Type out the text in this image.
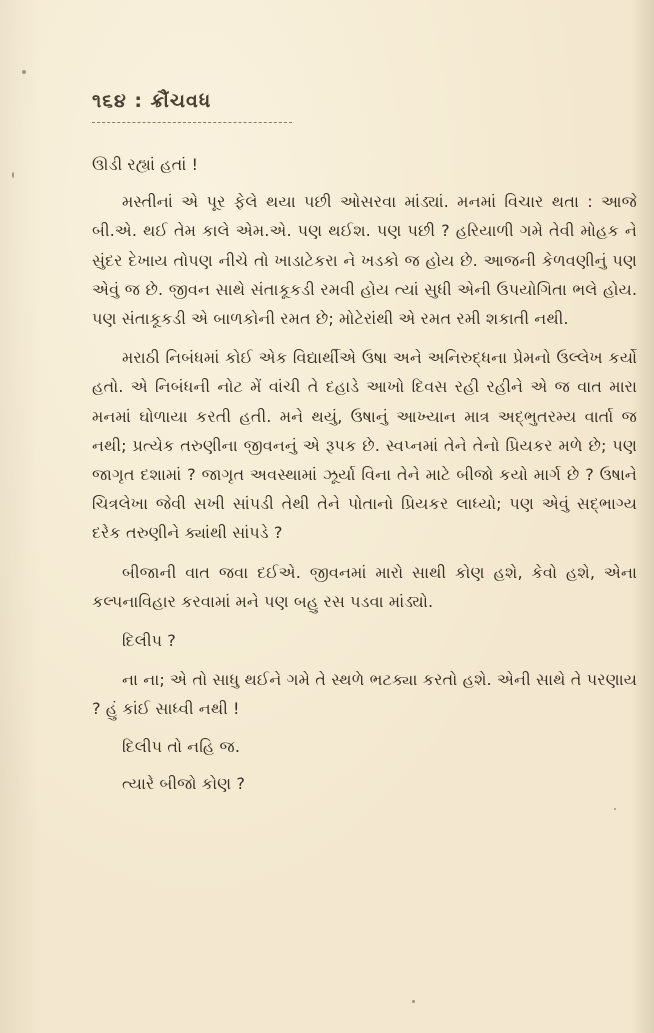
૧૬૪ : ક્રૌંચવધ

ઊડી રહ્યાં હતાં !

મસ્તીનાં એ પૂર ફેલે થયા પછી ઓસરવા માંડ્યાં. મનમાં વિચાર થતા : આજે બી.એ. થઈ તેમ કાલે એમ.એ. પણ થઈશ. પણ પછી ? હરિયાળી ગમે તેવી મોહક ને સુંદર દેખાય તોપણ નીચે તો ખાડાટેકરા ને ખડકો જ હોય છે. આજની કેળવણીનું પણ એવું જ છે. જીવન સાથે સંતાકૂકડી રમવી હોય ત્યાં સુધી એની ઉપયોગિતા ભલે હોય. પણ સંતાકૂકડી એ બાળકોની રમત છે; મોટેરાંથી એ રમત રમી શકાતી નથી.

મરાઠી નિબંધમાં કોઈ એક વિદ્યાર્થીએ ઉષા અને અનિરુદ્ધના પ્રેમનો ઉલ્લેખ કર્યો હતો. એ નિબંધની નોટ મેં વાંચી તે દહાડે આખો દિવસ રહી રહીને એ જ વાત મારા મનમાં ઘોળાયા કરતી હતી. મને થયું, ઉષાનું આખ્યાન માત્ર અદ્ભુતરમ્ય વાર્તા જ નથી; પ્રત્યેક તરુણીના જીવનનું એ રૂપક છે. સ્વપ્નમાં તેને તેનો પ્રિયકર મળે છે; પણ જાગૃત દશામાં ? જાગૃત અવસ્થામાં ઝૂર્યા વિના તેને માટે બીજો કયો માર્ગ છે ? ઉષાને ચિત્રલેખા જેવી સખી સાંપડી તેથી તેને પોતાનો પ્રિયકર લાધ્યો; પણ એવું સદ્ભાગ્ય દરેક તરુણીને ક્યાંથી સાંપડે ?

બીજાની વાત જવા દઈએ. જીવનમાં મારો સાથી કોણ હશે, કેવો હશે, એના કલ્પનાવિહાર કરવામાં મને પણ બહુ રસ પડવા માંડ્યો.

દિલીપ ?

ના ના; એ તો સાધુ થઈને ગમે તે સ્થળે ભટક્યા કરતો હશે. એની સાથે તે પરણાય ? હું કાંઈ સાધ્વી નથી !

દિલીપ તો નહિ જ.

ત્યારે બીજો કોણ ?
